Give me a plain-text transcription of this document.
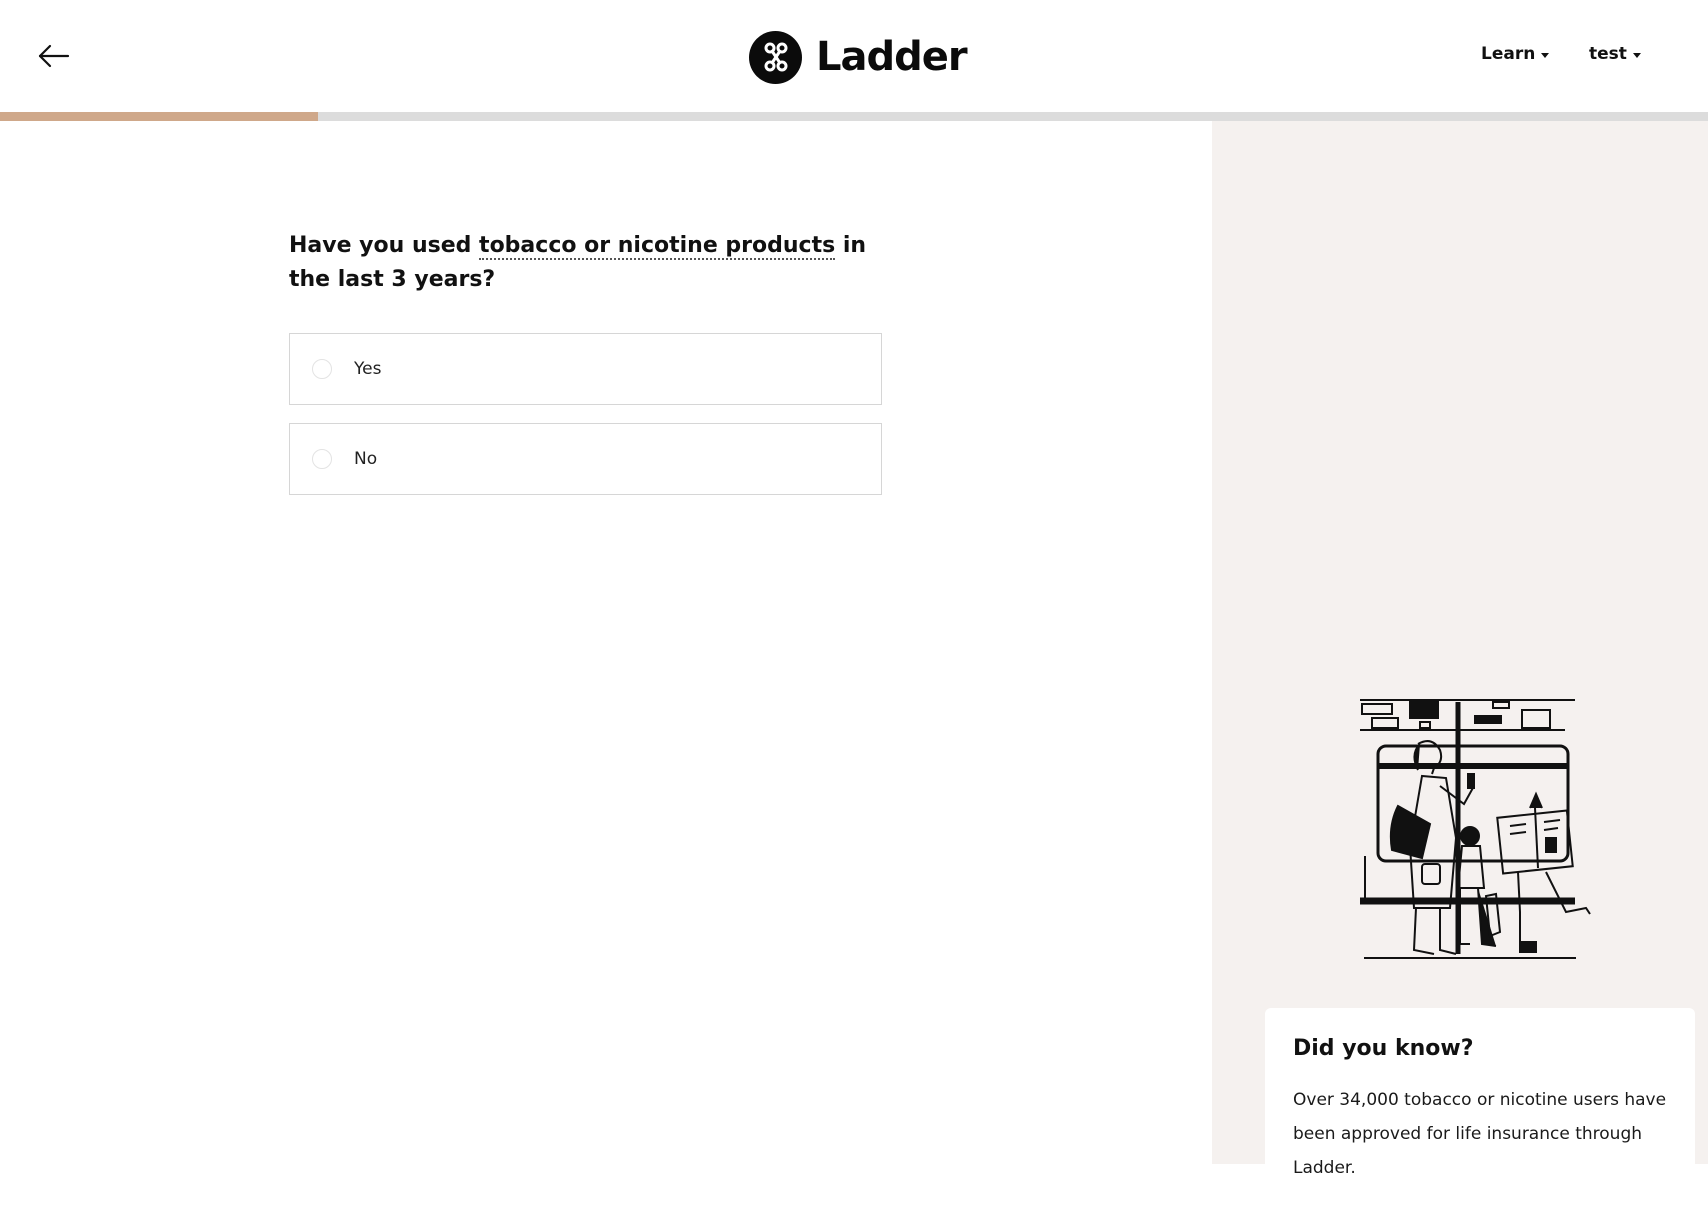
Ladder	Learn	test
Have you used tobacco or nicotine products in the last 3 years?
Yes
No
Did you know?
Over 34,000 tobacco or nicotine users have been approved for life insurance through Ladder.
